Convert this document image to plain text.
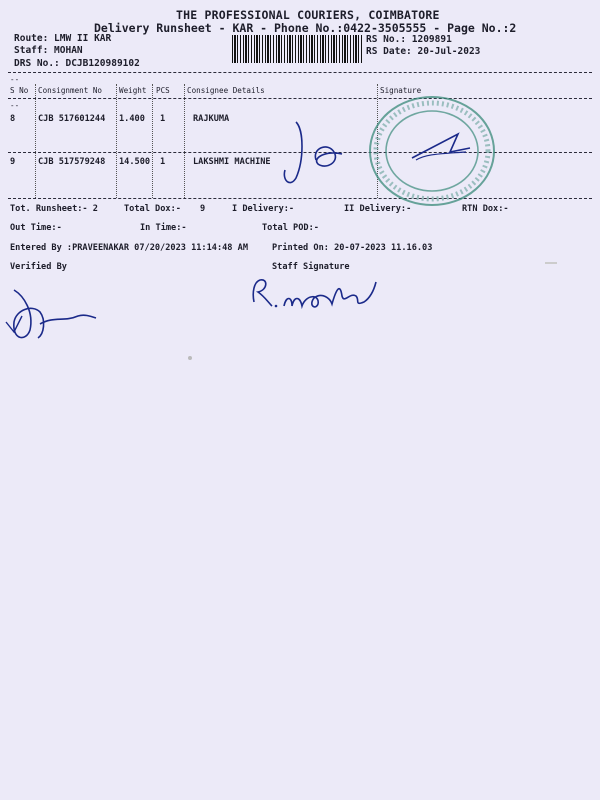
THE PROFESSIONAL COURIERS, COIMBATORE
Delivery Runsheet - KAR - Phone No.:0422-3505555 - Page No.:2
Route: LMW II KAR
Staff: MOHAN
DRS No.: DCJB120989102
RS No.: 1209891
RS Date: 20-Jul-2023
--
S No Consignment No Weight PCS Consignee Details	Signature
--
8	CJB 517601244 1.400 1	RAJKUMA
9	CJB 517579248 14.500 1	LAKSHMI MACHINE
Tot. Runsheet:- 2	Total Dox:- 9	I Delivery:-	II Delivery:-	RTN Dox:-
Out Time:-	In Time:-	Total POD:-
Entered By :PRAVEENAKAR 07/20/2023 11:14:48 AM	Printed On: 20-07-2023 11.16.03
Verified By	Staff Signature
